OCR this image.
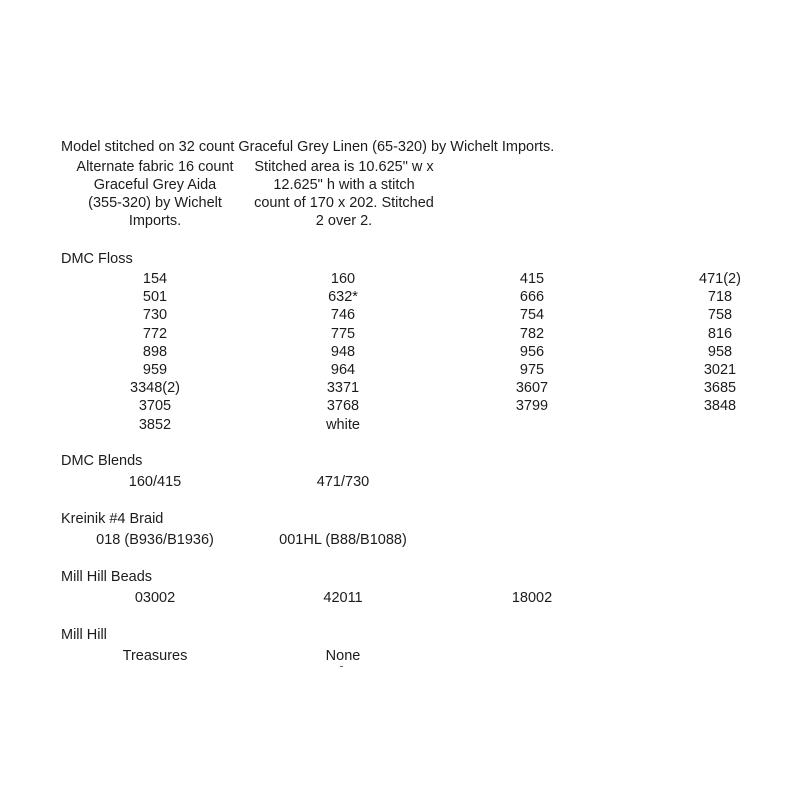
Model stitched on 32 count Graceful Grey Linen (65-320) by Wichelt Imports.
Alternate fabric 16 count
Graceful Grey Aida
(355-320) by Wichelt
Imports.
Stitched area is 10.625" w x
12.625" h with a stitch
count of 170 x 202. Stitched
2 over 2.
DMC Floss
154	160	415	471(2)
501	632*	666	718
730	746	754	758
772	775	782	816
898	948	956	958
959	964	975	3021
3348(2)	3371	3607	3685
3705	3768	3799	3848
3852	white
DMC Blends
160/415	471/730
Kreinik #4 Braid
018 (B936/B1936)	001HL (B88/B1088)
Mill Hill Beads
03002	42011	18002
Mill Hill
Treasures	None
